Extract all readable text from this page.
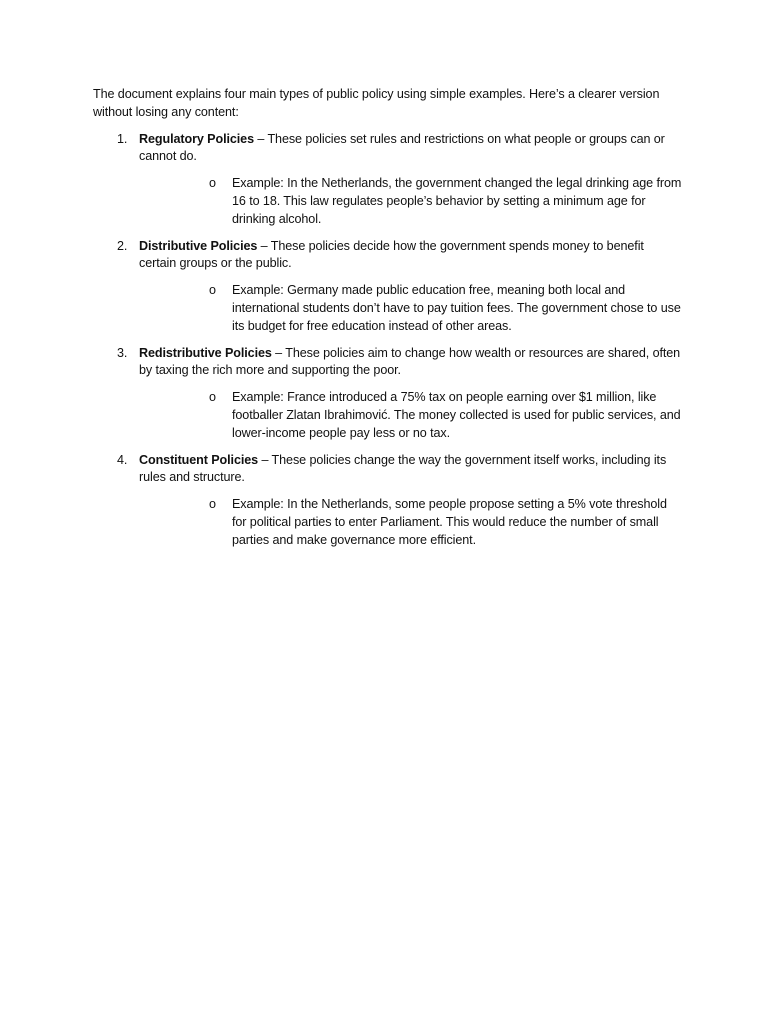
The document explains four main types of public policy using simple examples. Here’s a clearer version without losing any content:

1. Regulatory Policies – These policies set rules and restrictions on what people or groups can or cannot do.
o Example: In the Netherlands, the government changed the legal drinking age from 16 to 18. This law regulates people’s behavior by setting a minimum age for drinking alcohol.
2. Distributive Policies – These policies decide how the government spends money to benefit certain groups or the public.
o Example: Germany made public education free, meaning both local and international students don’t have to pay tuition fees. The government chose to use its budget for free education instead of other areas.
3. Redistributive Policies – These policies aim to change how wealth or resources are shared, often by taxing the rich more and supporting the poor.
o Example: France introduced a 75% tax on people earning over $1 million, like footballer Zlatan Ibrahimović. The money collected is used for public services, and lower-income people pay less or no tax.
4. Constituent Policies – These policies change the way the government itself works, including its rules and structure.
o Example: In the Netherlands, some people propose setting a 5% vote threshold for political parties to enter Parliament. This would reduce the number of small parties and make governance more efficient.
